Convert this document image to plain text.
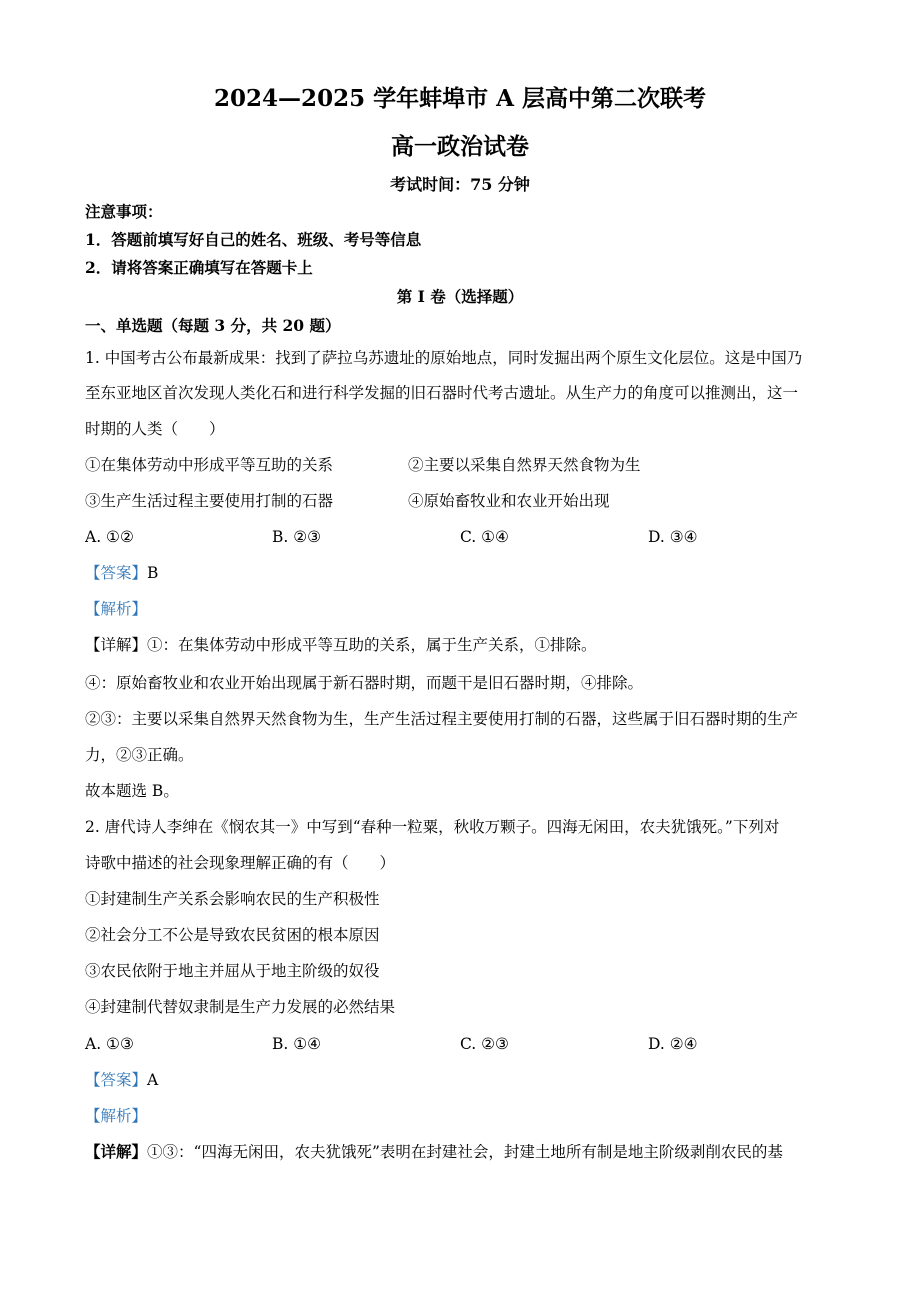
2024—2025 学年蚌埠市 A 层高中第二次联考
高一政治试卷
考试时间：75 分钟
注意事项：
1．答题前填写好自己的姓名、班级、考号等信息
2．请将答案正确填写在答题卡上
第 I 卷（选择题）
一、单选题（每题 3 分，共 20 题）
1. 中国考古公布最新成果：找到了萨拉乌苏遗址的原始地点，同时发掘出两个原生文化层位。这是中国乃
至东亚地区首次发现人类化石和进行科学发掘的旧石器时代考古遗址。从生产力的角度可以推测出，这一
时期的人类（　　）
①在集体劳动中形成平等互助的关系	②主要以采集自然界天然食物为生
③生产生活过程主要使用打制的石器	④原始畜牧业和农业开始出现
A. ①②	B. ②③	C. ①④	D. ③④
【答案】B
【解析】
【详解】①：在集体劳动中形成平等互助的关系，属于生产关系，①排除。
④：原始畜牧业和农业开始出现属于新石器时期，而题干是旧石器时期，④排除。
②③：主要以采集自然界天然食物为生，生产生活过程主要使用打制的石器，这些属于旧石器时期的生产
力，②③正确。
故本题选 B。
2. 唐代诗人李绅在《悯农其一》中写到“春种一粒粟，秋收万颗子。四海无闲田，农夫犹饿死。”下列对
诗歌中描述的社会现象理解正确的有（　　）
①封建制生产关系会影响农民的生产积极性
②社会分工不公是导致农民贫困的根本原因
③农民依附于地主并屈从于地主阶级的奴役
④封建制代替奴隶制是生产力发展的必然结果
A. ①③	B. ①④	C. ②③	D. ②④
【答案】A
【解析】
【详解】①③：“四海无闲田，农夫犹饿死”表明在封建社会，封建土地所有制是地主阶级剥削农民的基
